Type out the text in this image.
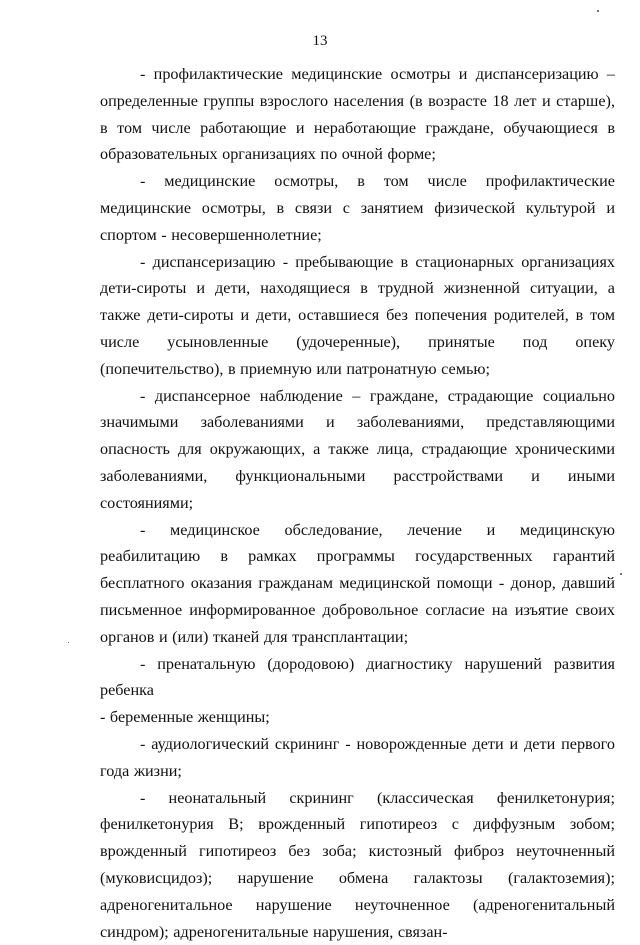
13

- профилактические медицинские осмотры и диспансеризацию – определенные группы взрослого населения (в возрасте 18 лет и старше), в том числе работающие и неработающие граждане, обучающиеся в образовательных организациях по очной форме;

- медицинские осмотры, в том числе профилактические медицинские осмотры, в связи с занятием физической культурой и спортом - несовершеннолетние;

- диспансеризацию - пребывающие в стационарных организациях дети-сироты и дети, находящиеся в трудной жизненной ситуации, а также дети-сироты и дети, оставшиеся без попечения родителей, в том числе усыновленные (удочеренные), принятые под опеку (попечительство), в приемную или патронатную семью;

- диспансерное наблюдение – граждане, страдающие социально значимыми заболеваниями и заболеваниями, представляющими опасность для окружающих, а также лица, страдающие хроническими заболеваниями, функциональными расстройствами и иными состояниями;

- медицинское обследование, лечение и медицинскую реабилитацию в рамках программы государственных гарантий бесплатного оказания гражданам медицинской помощи - донор, давший письменное информированное добровольное согласие на изъятие своих органов и (или) тканей для трансплантации;

- пренатальную (дородовою) диагностику нарушений развития ребенка

- беременные женщины;

- аудиологический скрининг - новорожденные дети и дети первого года жизни;

- неонатальный скрининг (классическая фенилкетонурия; фенилкетонурия В; врожденный гипотиреоз с диффузным зобом; врожденный гипотиреоз без зоба; кистозный фиброз неуточненный (муковисцидоз); нарушение обмена галактозы (галактоземия); адреногенитальное нарушение неуточненное (адреногенитальный синдром); адреногенитальные нарушения, связан-
